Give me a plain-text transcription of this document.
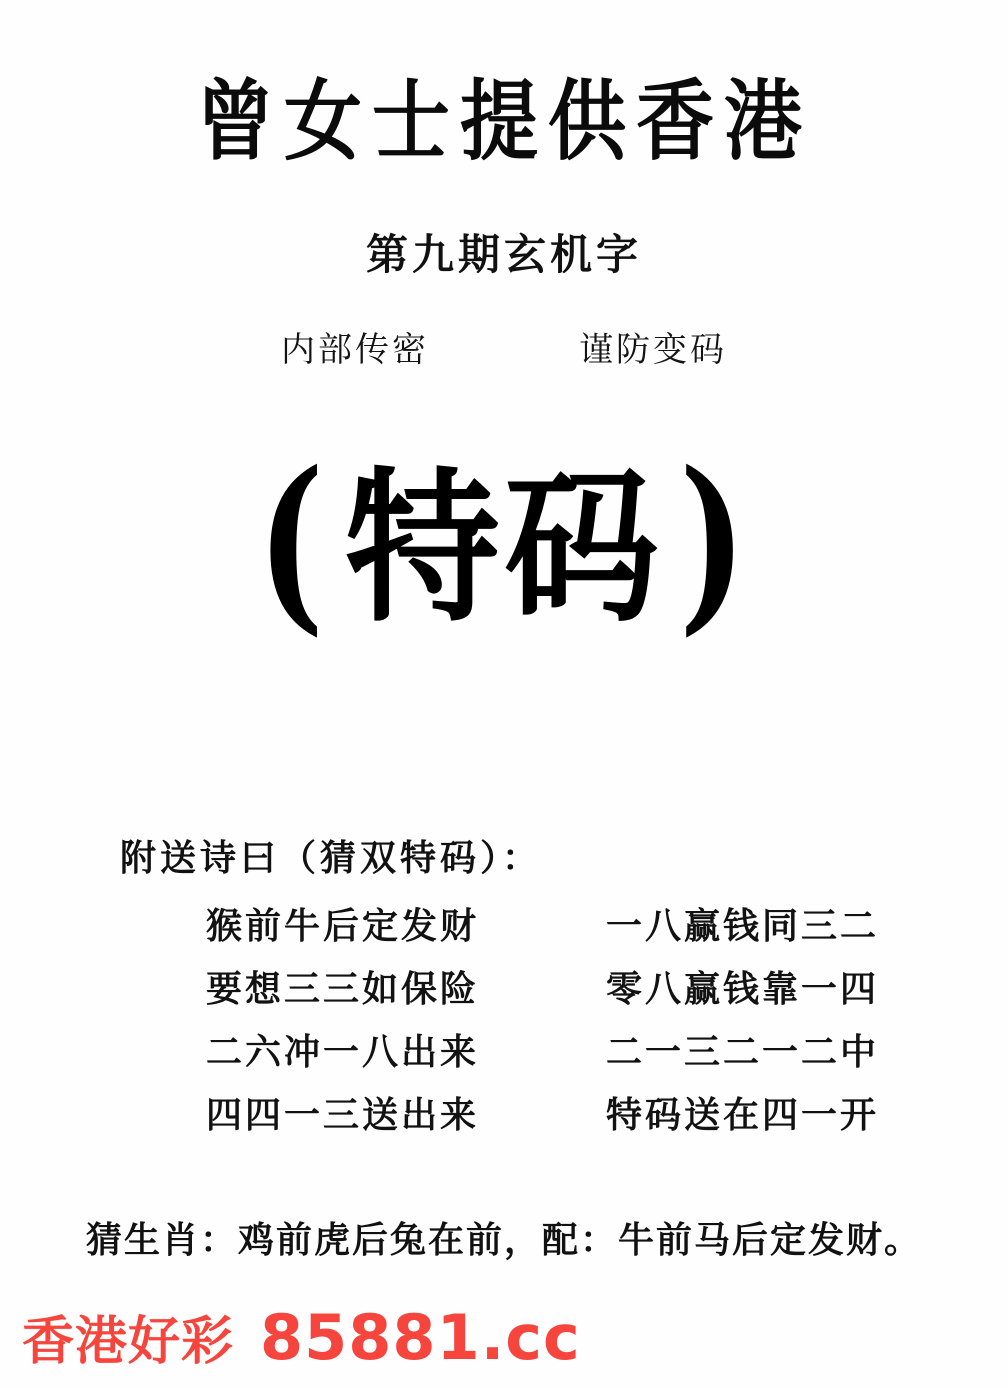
曾女士提供香港
第九期玄机字
内部传密	谨防变码
( 特码 )
附送诗曰（猜双特码）：
猴前牛后定发财	一八赢钱同三二
要想三三如保险	零八赢钱靠一四
二六冲一八出来	二一三二一二中
四四一三送出来	特码送在四一开
猜生肖：鸡前虎后兔在前，配：牛前马后定发财。
香港好彩 85881.cc
